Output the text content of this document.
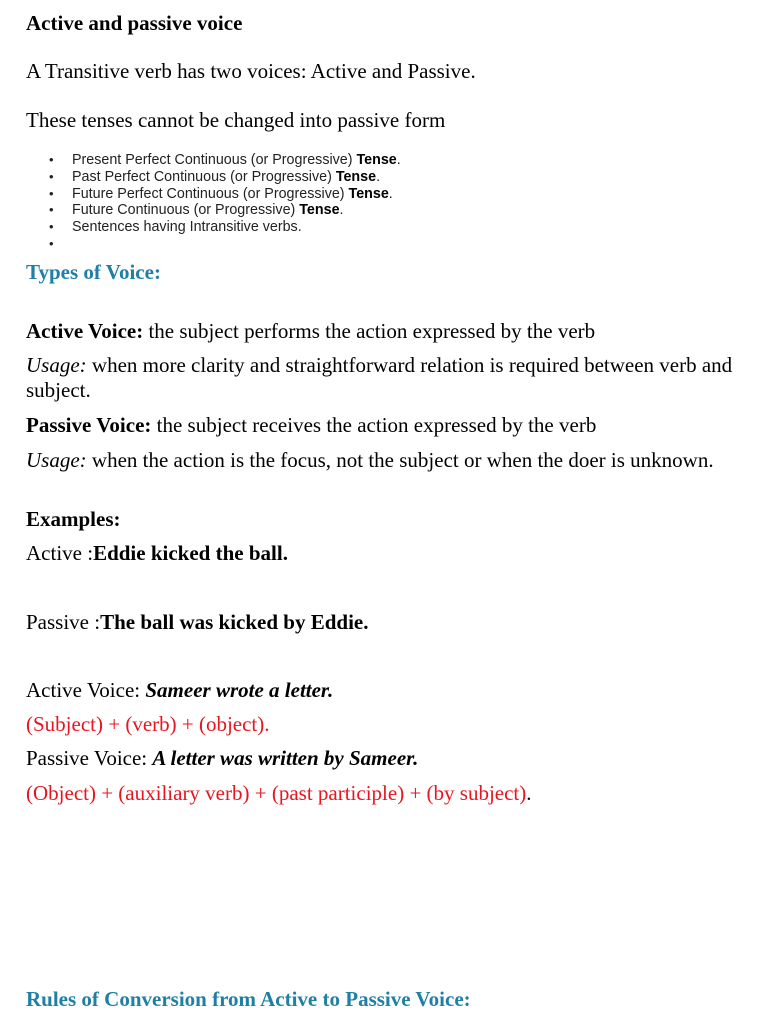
Active and passive voice

A Transitive verb has two voices: Active and Passive.

These tenses cannot be changed into passive form

• Present Perfect Continuous (or Progressive) Tense.
• Past Perfect Continuous (or Progressive) Tense.
• Future Perfect Continuous (or Progressive) Tense.
• Future Continuous (or Progressive) Tense.
• Sentences having Intransitive verbs.
•

Types of Voice:

Active Voice: the subject performs the action expressed by the verb

Usage: when more clarity and straightforward relation is required between verb and subject.

Passive Voice: the subject receives the action expressed by the verb

Usage: when the action is the focus, not the subject or when the doer is unknown.

Examples:

Active :Eddie kicked the ball.

Passive :The ball was kicked by Eddie.

Active Voice: Sameer wrote a letter.

(Subject) + (verb) + (object).

Passive Voice: A letter was written by Sameer.

(Object) + (auxiliary verb) + (past participle) + (by subject).

Rules of Conversion from Active to Passive Voice:
